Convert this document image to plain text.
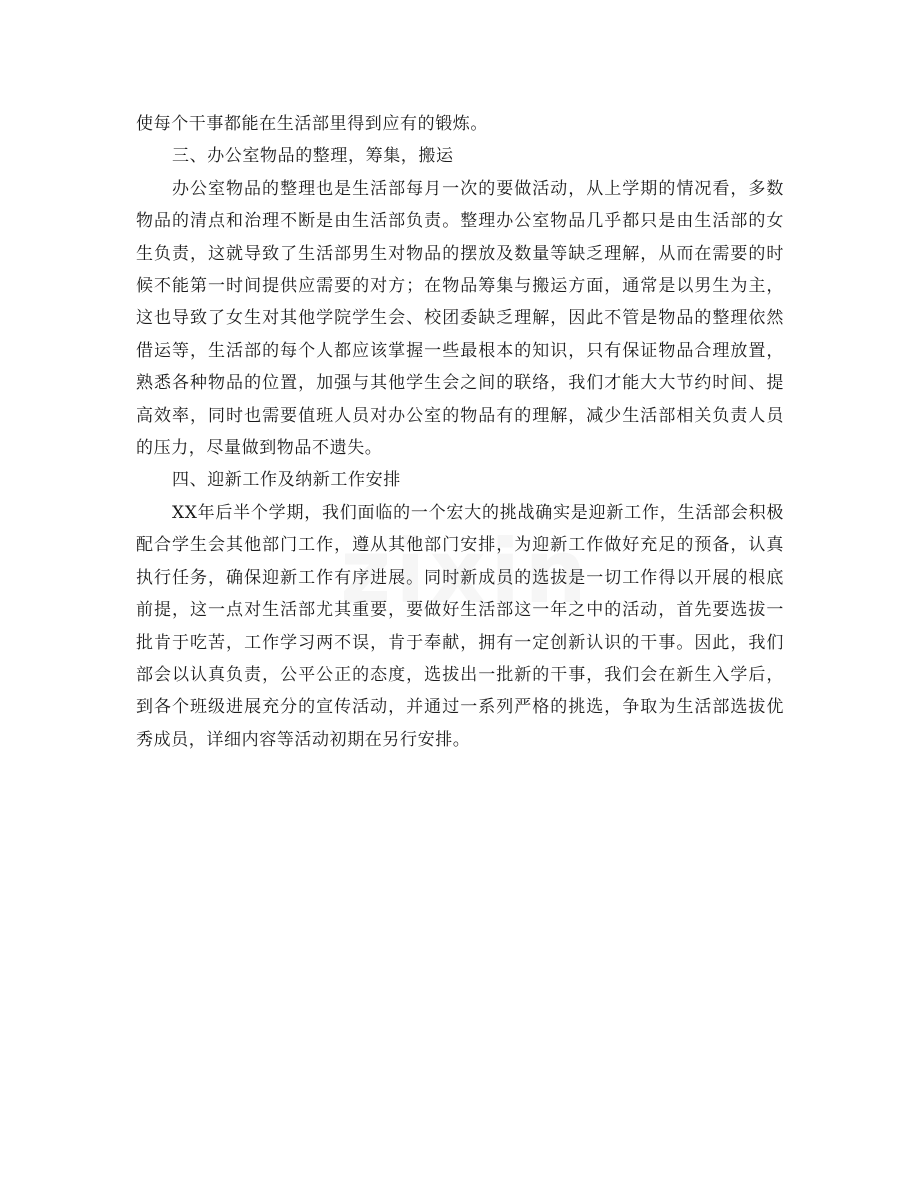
使每个干事都能在生活部里得到应有的锻炼。

三、办公室物品的整理，筹集，搬运

办公室物品的整理也是生活部每月一次的要做活动，从上学期的情况看，多数物品的清点和治理不断是由生活部负责。整理办公室物品几乎都只是由生活部的女生负责，这就导致了生活部男生对物品的摆放及数量等缺乏理解，从而在需要的时候不能第一时间提供应需要的对方；在物品筹集与搬运方面，通常是以男生为主，这也导致了女生对其他学院学生会、校团委缺乏理解，因此不管是物品的整理依然借运等，生活部的每个人都应该掌握一些最根本的知识，只有保证物品合理放置，熟悉各种物品的位置，加强与其他学生会之间的联络，我们才能大大节约时间、提高效率，同时也需要值班人员对办公室的物品有的理解，减少生活部相关负责人员的压力，尽量做到物品不遗失。

四、迎新工作及纳新工作安排

XX年后半个学期，我们面临的一个宏大的挑战确实是迎新工作，生活部会积极配合学生会其他部门工作，遵从其他部门安排，为迎新工作做好充足的预备，认真执行任务，确保迎新工作有序进展。同时新成员的选拔是一切工作得以开展的根底前提，这一点对生活部尤其重要，要做好生活部这一年之中的活动，首先要选拔一批肯于吃苦，工作学习两不误，肯于奉献，拥有一定创新认识的干事。因此，我们部会以认真负责，公平公正的态度，选拔出一批新的干事，我们会在新生入学后，到各个班级进展充分的宣传活动，并通过一系列严格的挑选，争取为生活部选拔优秀成员，详细内容等活动初期在另行安排。
